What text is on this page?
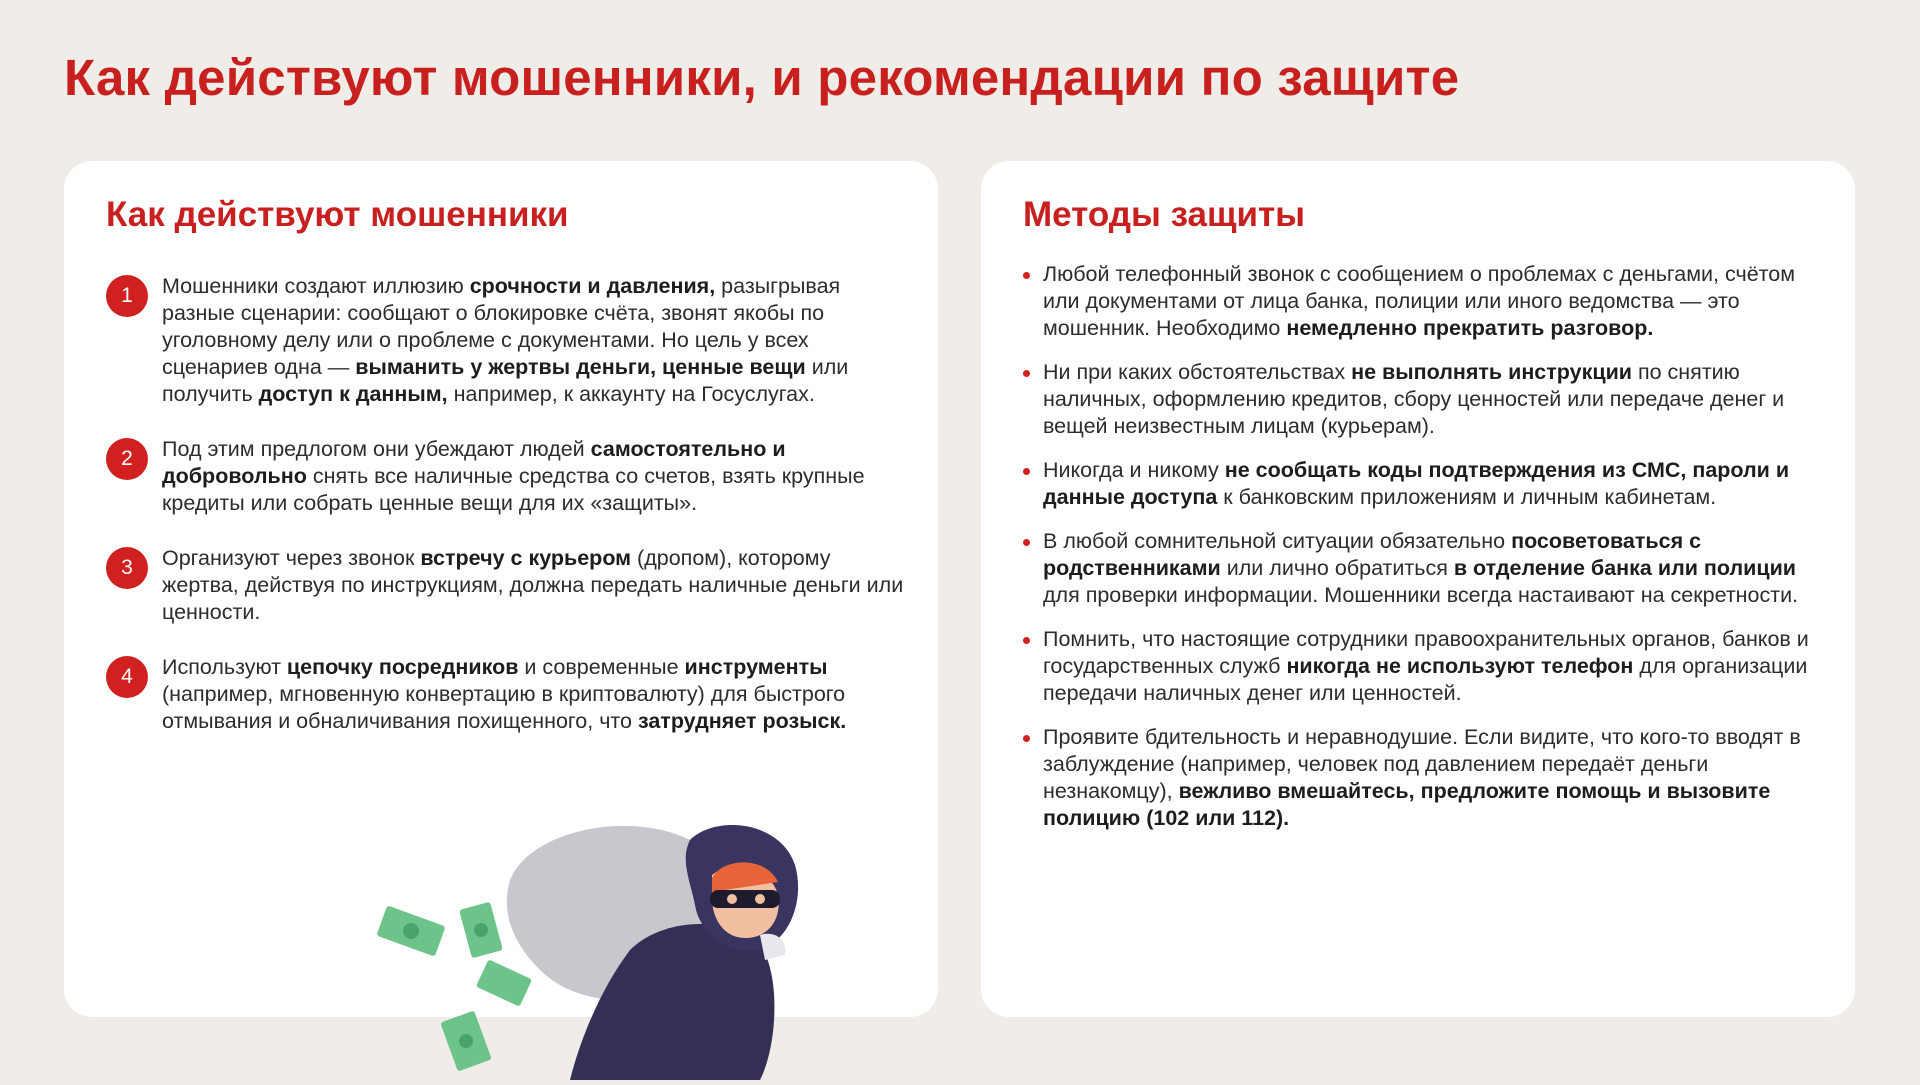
Как действуют мошенники, и рекомендации по защите
Как действуют мошенники
1	Мошенники создают иллюзию срочности и давления, разыгрывая разные сценарии: сообщают о блокировке счёта, звонят якобы по уголовному делу или о проблеме с документами. Но цель у всех сценариев одна — выманить у жертвы деньги, ценные вещи или получить доступ к данным, например, к аккаунту на Госуслугах.
2	Под этим предлогом они убеждают людей самостоятельно и добровольно снять все наличные средства со счетов, взять крупные кредиты или собрать ценные вещи для их «защиты».
3	Организуют через звонок встречу с курьером (дропом), которому жертва, действуя по инструкциям, должна передать наличные деньги или ценности.
4	Используют цепочку посредников и современные инструменты (например, мгновенную конвертацию в криптовалюту) для быстрого отмывания и обналичивания похищенного, что затрудняет розыск.
Методы защиты
Любой телефонный звонок с сообщением о проблемах с деньгами, счётом или документами от лица банка, полиции или иного ведомства — это мошенник. Необходимо немедленно прекратить разговор.
Ни при каких обстоятельствах не выполнять инструкции по снятию наличных, оформлению кредитов, сбору ценностей или передаче денег и вещей неизвестным лицам (курьерам).
Никогда и никому не сообщать коды подтверждения из СМС, пароли и данные доступа к банковским приложениям и личным кабинетам.
В любой сомнительной ситуации обязательно посоветоваться с родственниками или лично обратиться в отделение банка или полиции для проверки информации. Мошенники всегда настаивают на секретности.
Помнить, что настоящие сотрудники правоохранительных органов, банков и государственных служб никогда не используют телефон для организации передачи наличных денег или ценностей.
Проявите бдительность и неравнодушие. Если видите, что кого-то вводят в заблуждение (например, человек под давлением передаёт деньги незнакомцу), вежливо вмешайтесь, предложите помощь и вызовите полицию (102 или 112).
